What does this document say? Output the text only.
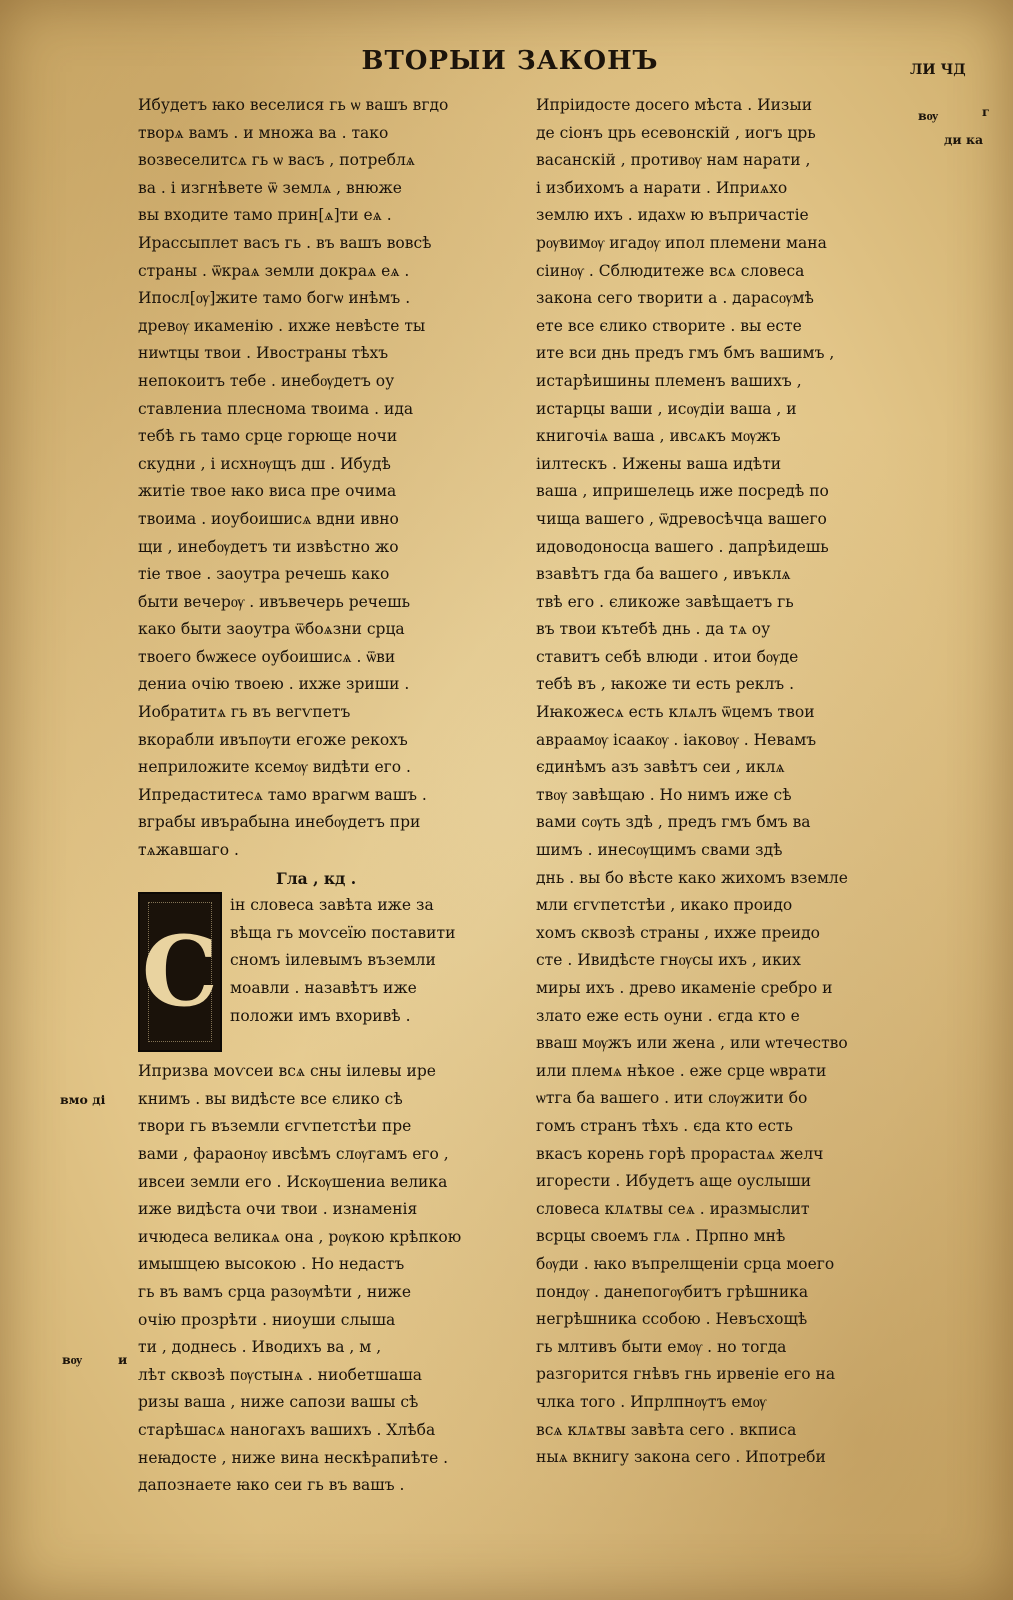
ВТОРЫИ ЗАКОНЪ	ЛИ ЧД
вѹ	г
ди ка
вмо ді
вѹ	и
Ибудетъ ꙗко веселися гь ѡ вашъ вгдо
творѧ вамъ . и множа ва . тако
возвеселитсѧ гь ѡ васъ , потреблѧ
ва . і изгнѣвете ѿ землѧ , внюже
вы входите тамо прин[ѧ]ти еѧ .
Ирассыплет васъ гь . въ вашъ вовсѣ
страны . ѿкраѧ земли докраѧ еѧ .
Ипосл[ѹ]жите тамо богѡ инѣмъ .
древѹ икаменію . ихже невѣсте ты
ниѡтцы твои . Ивостраны тѣхъ
непокоитъ тебе . инебѹдетъ оу
ставлениа плеснома твоима . ида
тебѣ гь тамо срце горюще ночи
скудни , і исхнѹщъ дш . Ибудѣ
житіе твое ꙗко виса пре очима
твоима . иоубоишисѧ вдни ивно
щи , инебѹдетъ ти извѣстно жо
тіе твое . заоутра речешь како
быти вечерѹ . ивъвечерь речешь
како быти заоутра ѿбоѧзни срца
твоего бѡжесе оубоишисѧ . ѿви
дениа очію твоею . ихже зриши .
Иобратитѧ гь въ вегѵпетъ
вкорабли ивъпѹти егоже рекохъ
неприложите ксемѹ видѣти его .
Ипредаститесѧ тамо врагѡм вашъ .
вграбы ивърабына инебѹдетъ при
тѧжавшаго .
Гла , кд .
С
ін словеса завѣта иже за
вѣща гь моѵсеїю поставити
сномъ іилевымъ въземли
моавли . назавѣтъ иже
положи имъ вхоривѣ .
Ипризва моѵсеи всѧ сны іилевы ире
книмъ . вы видѣсте все єлико сѣ
твори гь въземли єгѵпетстѣи пре
вами , фараонѹ ивсѣмъ слѹгамъ его ,
ивсеи земли его . Искѹшениа велика
иже видѣста очи твои . изнаменія
ичюдеса великаѧ она , рѹкою крѣпкою
имышцею высокою . Но недастъ
гь въ вамъ срца разѹмѣти , ниже
очію прозрѣти . ниоуши слыша
ти , доднесь . Иводихъ ва , м ,
лѣт сквозѣ пѹстынѧ . ниобетшаша
ризы ваша , ниже сапози вашы сѣ
старѣшасѧ наногахъ вашихъ . Хлѣба
неꙗдосте , ниже вина нескѣрапиѣте .
дапознаете ꙗко сеи гь въ вашъ .
Ипріидосте досего мѣста . Иизыи
де сіонъ црь есевонскій , иогъ црь
васанскій , противѹ нам нарати ,
і избихомъ а нарати . Иприѧхо
землю ихъ . идахѡ ю въпричастіе
рѹвимѹ игадѹ ипол племени мана
сіинѹ . Сблюдитеже всѧ словеса
закона сего творити а . дарасѹмѣ
ете все єлико створите . вы есте
ите вси днь предъ гмъ бмъ вашимъ ,
истарѣишины племенъ вашихъ ,
истарцы ваши , исѹдіи ваша , и
книгочіѧ ваша , ивсѧкъ мѹжъ
іилтескъ . Ижены ваша идѣти
ваша , ипришелець иже посредѣ по
чища вашего , ѿдревосѣчца вашего
идоводоносца вашего . дапрѣидешь
взавѣтъ гда ба вашего , ивъклѧ
твѣ его . єликоже завѣщаетъ гь
въ твои кътебѣ днь . да тѧ оу
ставитъ себѣ влюди . итои бѹде
тебѣ въ , ꙗкоже ти есть реклъ .
Иꙗкожесѧ есть клѧлъ ѿцемъ твои
авраамѹ ісаакѹ . іаковѹ . Невамъ
єдинѣмъ азъ завѣтъ сеи , иклѧ
твѹ завѣщаю . Но нимъ иже сѣ
вами сѹть здѣ , предъ гмъ бмъ ва
шимъ . инесѹщимъ свами здѣ
днь . вы бо вѣсте како жихомъ вземле
мли єгѵпетстѣи , икако проидо
хомъ сквозѣ страны , ихже преидо
сте . Ивидѣсте гнѹсы ихъ , иких
миры ихъ . древо икаменіе сребро и
злато еже есть оуни . єгда кто е
вваш мѹжъ или жена , или ѡтечество
или племѧ нѣкое . еже срце ѡврати
ѡтга ба вашего . ити слѹжити бо
гомъ странъ тѣхъ . єда кто есть
вкасъ корень горѣ прорастаѧ желч
игорести . Ибудетъ аще оуслыши
словеса клѧтвы сеѧ . иразмыслит
всрцы своемъ глѧ . Прпно мнѣ
бѹди . ꙗко въпрелщеніи срца моего
пондѹ . данепогѹбитъ грѣшника
негрѣшника ссобою . Невъсхощѣ
гь млтивъ быти емѹ . но тогда
разгорится гнѣвъ гнь ирвеніе его на
члка того . Ипрлпнѹтъ емѹ
всѧ клѧтвы завѣта сего . вкписа
ныѧ вкнигу закона сего . Ипотреби
